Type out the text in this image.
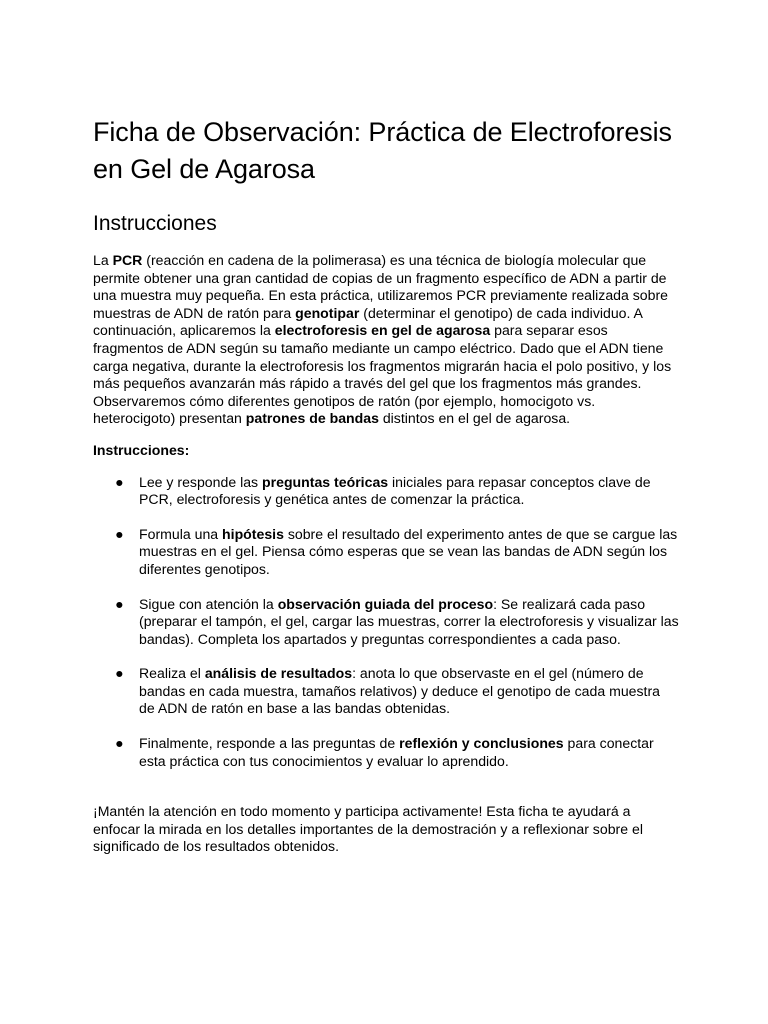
Ficha de Observación: Práctica de Electroforesis en Gel de Agarosa
Instrucciones

La PCR (reacción en cadena de la polimerasa) es una técnica de biología molecular que permite obtener una gran cantidad de copias de un fragmento específico de ADN a partir de una muestra muy pequeña. En esta práctica, utilizaremos PCR previamente realizada sobre muestras de ADN de ratón para genotipar (determinar el genotipo) de cada individuo. A continuación, aplicaremos la electroforesis en gel de agarosa para separar esos fragmentos de ADN según su tamaño mediante un campo eléctrico. Dado que el ADN tiene carga negativa, durante la electroforesis los fragmentos migrarán hacia el polo positivo, y los más pequeños avanzarán más rápido a través del gel que los fragmentos más grandes. Observaremos cómo diferentes genotipos de ratón (por ejemplo, homocigoto vs. heterocigoto) presentan patrones de bandas distintos en el gel de agarosa.

Instrucciones:

● Lee y responde las preguntas teóricas iniciales para repasar conceptos clave de PCR, electroforesis y genética antes de comenzar la práctica.
● Formula una hipótesis sobre el resultado del experimento antes de que se cargue las muestras en el gel. Piensa cómo esperas que se vean las bandas de ADN según los diferentes genotipos.
● Sigue con atención la observación guiada del proceso: Se realizará cada paso (preparar el tampón, el gel, cargar las muestras, correr la electroforesis y visualizar las bandas). Completa los apartados y preguntas correspondientes a cada paso.
● Realiza el análisis de resultados: anota lo que observaste en el gel (número de bandas en cada muestra, tamaños relativos) y deduce el genotipo de cada muestra de ADN de ratón en base a las bandas obtenidas.
● Finalmente, responde a las preguntas de reflexión y conclusiones para conectar esta práctica con tus conocimientos y evaluar lo aprendido.

¡Mantén la atención en todo momento y participa activamente! Esta ficha te ayudará a enfocar la mirada en los detalles importantes de la demostración y a reflexionar sobre el significado de los resultados obtenidos.
